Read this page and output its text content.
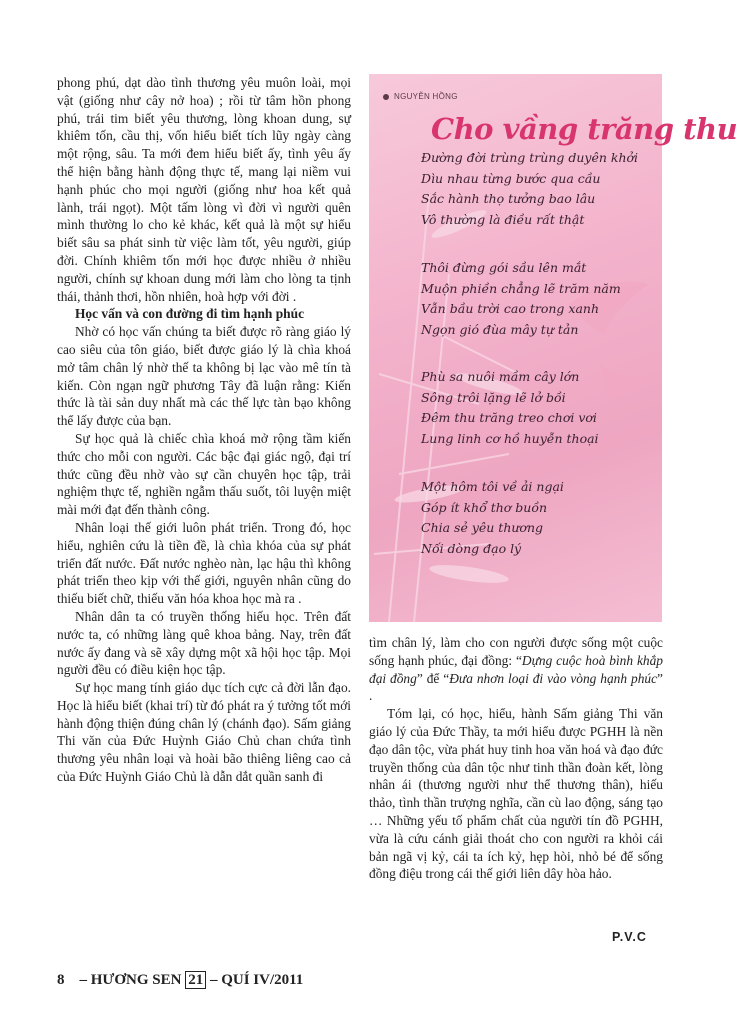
phong phú, dạt dào tình thương yêu muôn loài, mọi vật (giống như cây nở hoa) ; rồi từ tâm hồn phong phú, trái tim biết yêu thương, lòng khoan dung, sự khiêm tốn, cầu thị, vốn hiểu biết tích lũy ngày càng một rộng, sâu. Ta mới đem hiểu biết ấy, tình yêu ấy thể hiện bằng hành động thực tế, mang lại niềm vui hạnh phúc cho mọi người (giống như hoa kết quả lành, trái ngọt). Một tấm lòng vì đời vì người quên mình thường lo cho kẻ khác, kết quả là một sự hiểu biết sâu sa phát sinh từ việc làm tốt, yêu người, giúp đời. Chính khiêm tốn mới học được nhiều ở nhiều người, chính sự khoan dung mới làm cho lòng ta tịnh thái, thảnh thơi, hồn nhiên, hoà hợp với đời .

Học vấn và con đường đi tìm hạnh phúc

Nhờ có học vấn chúng ta biết được rõ ràng giáo lý cao siêu của tôn giáo, biết được giáo lý là chìa khoá mở tâm chân lý nhờ thế ta không bị lạc vào mê tín tà kiến. Còn ngạn ngữ phương Tây đã luận rằng: Kiến thức là tài sản duy nhất mà các thế lực tàn bạo không thể lấy được của bạn.

Sự học quả là chiếc chìa khoá mở rộng tầm kiến thức cho mỗi con người. Các bậc đại giác ngộ, đại trí thức cũng đều nhờ vào sự cần chuyên học tập, trải nghiệm thực tế, nghiền ngẫm thấu suốt, tôi luyện miệt mài mới đạt đến thành công.

Nhân loại thế giới luôn phát triển. Trong đó, học hiểu, nghiên cứu là tiền đề, là chìa khóa của sự phát triển đất nước. Đất nước nghèo nàn, lạc hậu thì không phát triển theo kịp với thế giới, nguyên nhân cũng do thiếu biết chữ, thiếu văn hóa khoa học mà ra .

Nhân dân ta có truyền thống hiếu học. Trên đất nước ta, có những làng quê khoa bảng. Nay, trên đất nước ấy đang và sẽ xây dựng một xã hội học tập. Mọi người đều có điều kiện học tập.

Sự học mang tính giáo dục tích cực cả đời lẫn đạo. Học là hiểu biết (khai trí) từ đó phát ra ý tưởng tốt mới hành động thiện đúng chân lý (chánh đạo). Sấm giảng Thi văn của Đức Huỳnh Giáo Chủ chan chứa tình thương yêu nhân loại và hoài bão thiêng liêng cao cả của Đức Huỳnh Giáo Chủ là dẫn dắt quần sanh đi

NGUYỄN HỒNG
Cho vầng trăng thu
Đường đời trùng trùng duyên khởi
Dìu nhau từng bước qua cầu
Sắc hành thọ tưởng bao lâu
Vô thường là điều rất thật
Thôi đừng gói sầu lên mắt
Muộn phiền chẳng lẽ trăm năm
Vẫn bầu trời cao trong xanh
Ngọn gió đùa mây tự tản
Phù sa nuôi mầm cây lớn
Sông trôi lặng lẽ lở bồi
Đêm thu trăng treo chơi vơi
Lung linh cơ hồ huyễn thoại
Một hôm tôi về ải ngại
Góp ít khổ thơ buồn
Chia sẻ yêu thương
Nối dòng đạo lý

tìm chân lý, làm cho con người được sống một cuộc sống hạnh phúc, đại đồng: “Dựng cuộc hoà bình khắp đại đồng” để “Đưa nhơn loại đi vào vòng hạnh phúc” .

Tóm lại, có học, hiểu, hành Sấm giảng Thi văn giáo lý của Đức Thầy, ta mới hiểu được PGHH là nền đạo dân tộc, vừa phát huy tinh hoa văn hoá và đạo đức truyền thống của dân tộc như tinh thần đoàn kết, lòng nhân ái (thương người như thể thương thân), hiếu thảo, tình thần trượng nghĩa, cần cù lao động, sáng tạo … Những yếu tố phẩm chất của người tín đồ PGHH, vừa là cứu cánh giải thoát cho con người ra khỏi cái bản ngã vị kỷ, cái ta ích kỷ, hẹp hòi, nhỏ bé để sống đồng điệu trong cái thế giới liên dây hòa hảo.

P.V.C
8 – HƯƠNG SEN 21 – QUÍ IV/2011
